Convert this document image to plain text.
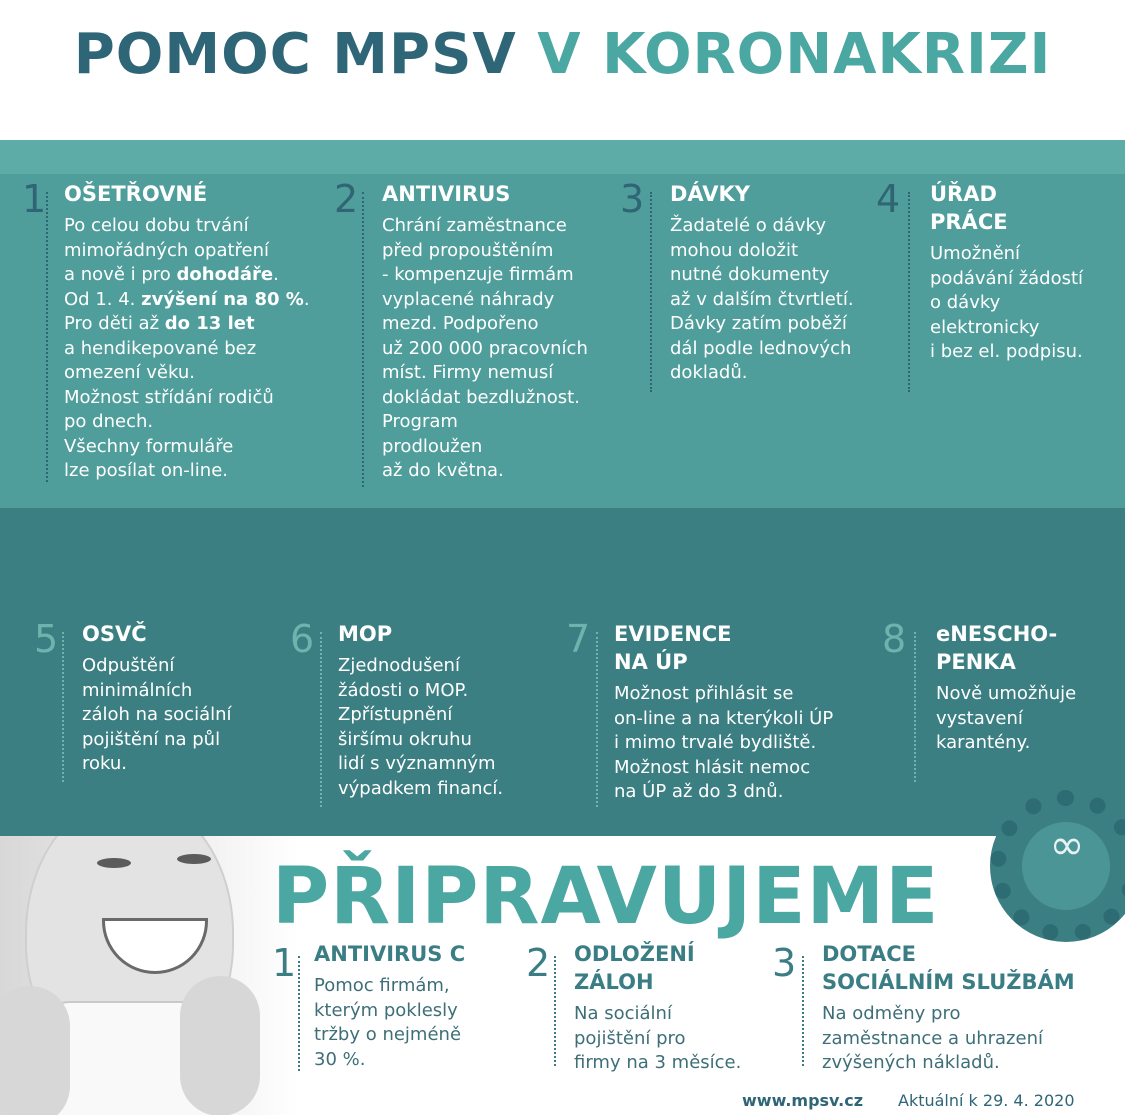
POMOC MPSV V KORONAKRIZI
1 OŠETŘOVNÉ
Po celou dobu trvání
mimořádných opatření
a nově i pro dohodáře.
Od 1. 4. zvýšení na 80 %.
Pro děti až do 13 let
a hendikepované bez
omezení věku.
Možnost střídání rodičů
po dnech.
Všechny formuláře
lze posílat on-line.
2 ANTIVIRUS
Chrání zaměstnance
před propouštěním
- kompenzuje firmám
vyplacené náhrady
mezd. Podpořeno
už 200 000 pracovních
míst. Firmy nemusí
dokládat bezdlužnost.
Program
prodloužen
až do května.
3 DÁVKY
Žadatelé o dávky
mohou doložit
nutné dokumenty
až v dalším čtvrtletí.
Dávky zatím poběží
dál podle lednových
dokladů.
4 ÚŘAD
PRÁCE
Umožnění
podávání žádostí
o dávky
elektronicky
i bez el. podpisu.
5 OSVČ
Odpuštění
minimálních
záloh na sociální
pojištění na půl
roku.
6 MOP
Zjednodušení
žádosti o MOP.
Zpřístupnění
širšímu okruhu
lidí s významným
výpadkem financí.
7 EVIDENCE
NA ÚP
Možnost přihlásit se
on-line a na kterýkoli ÚP
i mimo trvalé bydliště.
Možnost hlásit nemoc
na ÚP až do 3 dnů.
8 eNESCHO-
PENKA
Nově umožňuje
vystavení
karantény.
∞
PŘIPRAVUJEME
1 ANTIVIRUS C
Pomoc firmám,
kterým poklesly
tržby o nejméně
30 %.
2 ODLOŽENÍ
ZÁLOH
Na sociální
pojištění pro
firmy na 3 měsíce.
3 DOTACE
SOCIÁLNÍM SLUŽBÁM
Na odměny pro
zaměstnance a uhrazení
zvýšených nákladů.
www.mpsv.cz Aktuální k 29. 4. 2020
